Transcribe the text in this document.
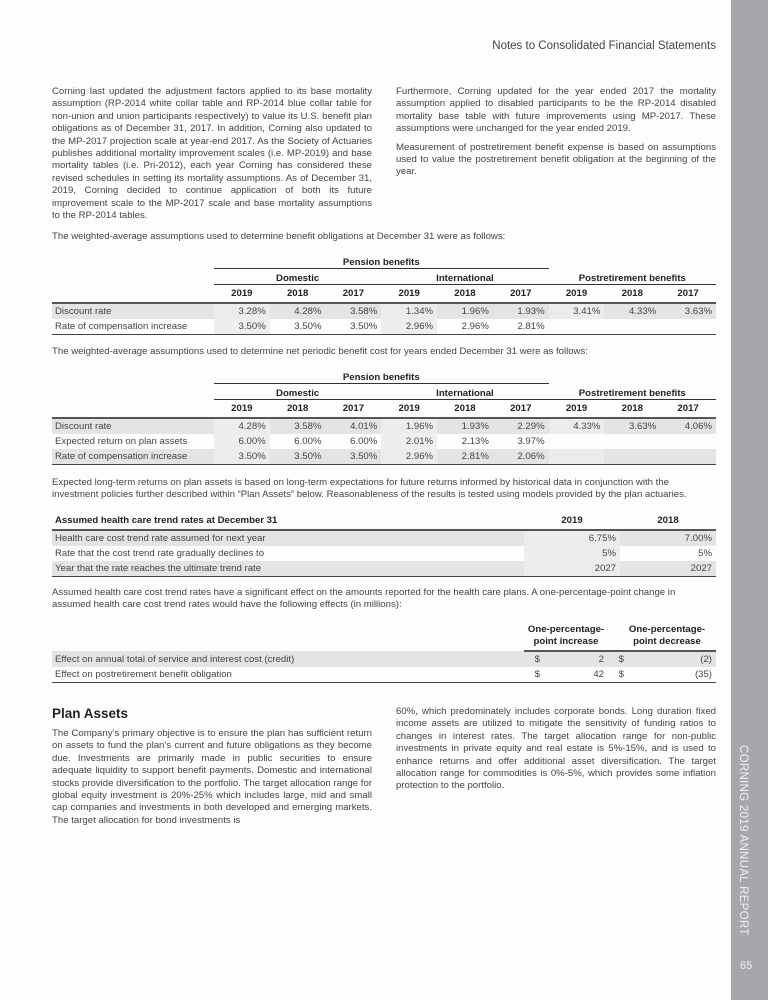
CORNING 2019 ANNUAL REPORT
65
Notes to Consolidated Financial Statements

Corning last updated the adjustment factors applied to its base mortality assumption (RP-2014 white collar table and RP-2014 blue collar table for non-union and union participants respectively) to value its U.S. benefit plan obligations as of December 31, 2017. In addition, Corning also updated to the MP-2017 projection scale at year-end 2017. As the Society of Actuaries publishes additional mortality improvement scales (i.e. MP-2019) and base mortality tables (i.e. Pri-2012), each year Corning has considered these revised schedules in setting its mortality assumptions. As of December 31, 2019, Corning decided to continue application of both its future improvement scale to the MP-2017 scale and base mortality assumptions to the RP-2014 tables.

Furthermore, Corning updated for the year ended 2017 the mortality assumption applied to disabled participants to be the RP-2014 disabled mortality base table with future improvements using MP-2017. These assumptions were unchanged for the year ended 2019.

Measurement of postretirement benefit expense is based on assumptions used to value the postretirement benefit obligation at the beginning of the year.

The weighted-average assumptions used to determine benefit obligations at December 31 were as follows:
	Pension benefits								
	Domestic			International			Postretirement benefits		
	2019	2018	2017	2019	2018	2017	2019	2018	2017
Discount rate	3.28%	4.28%	3.58%	1.34%	1.96%	1.93%	3.41%	4.33%	3.63%
Rate of compensation increase	3.50%	3.50%	3.50%	2.96%	2.96%	2.81%			
The weighted-average assumptions used to determine net periodic benefit cost for years ended December 31 were as follows:
	Pension benefits								
	Domestic			International			Postretirement benefits		
	2019	2018	2017	2019	2018	2017	2019	2018	2017
Discount rate	4.28%	3.58%	4.01%	1.96%	1.93%	2.29%	4.33%	3.63%	4.06%
Expected return on plan assets	6.00%	6.00%	6.00%	2.01%	2.13%	3.97%			
Rate of compensation increase	3.50%	3.50%	3.50%	2.96%	2.81%	2.06%			
Expected long-term returns on plan assets is based on long-term expectations for future returns informed by historical data in conjunction with the investment policies further described within “Plan Assets” below. Reasonableness of the results is tested using models provided by the plan actuaries.
Assumed health care trend rates at December 31	2019	2018
Health care cost trend rate assumed for next year	6.75%	7.00%
Rate that the cost trend rate gradually declines to	5%	5%
Year that the rate reaches the ultimate trend rate	2027	2027
Assumed health care cost trend rates have a significant effect on the amounts reported for the health care plans. A one-percentage-point change in assumed health care cost trend rates would have the following effects (in millions):
	One-percentage-
point increase		One-percentage-
point decrease	
Effect on annual total of service and interest cost (credit)	$	2	$	(2)
Effect on postretirement benefit obligation	$	42	$	(35)
Plan Assets

The Company’s primary objective is to ensure the plan has sufficient return on assets to fund the plan’s current and future obligations as they become due. Investments are primarily made in public securities to ensure adequate liquidity to support benefit payments. Domestic and international stocks provide diversification to the portfolio. The target allocation range for global equity investment is 20%-25% which includes large, mid and small cap companies and investments in both developed and emerging markets. The target allocation for bond investments is

60%, which predominately includes corporate bonds. Long duration fixed income assets are utilized to mitigate the sensitivity of funding ratios to changes in interest rates. The target allocation range for non-public investments in private equity and real estate is 5%-15%, and is used to enhance returns and offer additional asset diversification. The target allocation range for commodities is 0%-5%, which provides some inflation protection to the portfolio.
